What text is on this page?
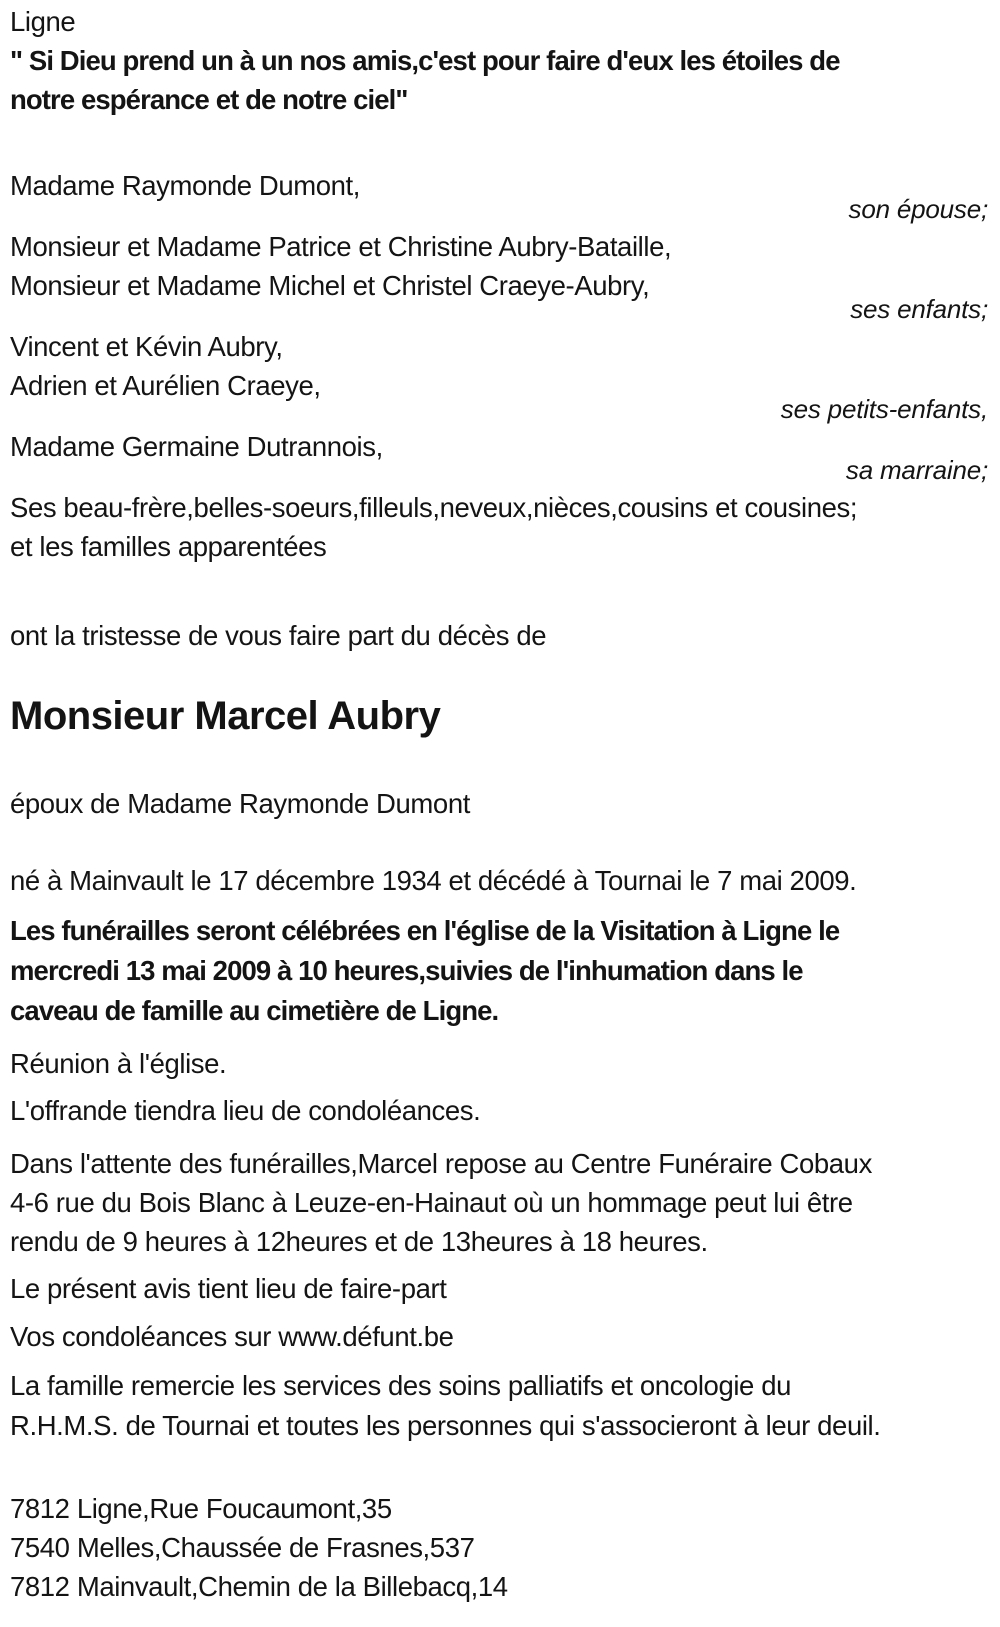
Ligne
" Si Dieu prend un à un nos amis,c'est pour faire d'eux les étoiles de
notre espérance et de notre ciel"
Madame Raymonde Dumont,
son épouse;
Monsieur et Madame Patrice et Christine Aubry-Bataille,
Monsieur et Madame Michel et Christel Craeye-Aubry,
ses enfants;
Vincent et Kévin Aubry,
Adrien et Aurélien Craeye,
ses petits-enfants,
Madame Germaine Dutrannois,
sa marraine;
Ses beau-frère,belles-soeurs,filleuls,neveux,nièces,cousins et cousines;
et les familles apparentées
ont la tristesse de vous faire part du décès de
Monsieur Marcel Aubry
époux de Madame Raymonde Dumont
né à Mainvault le 17 décembre 1934 et décédé à Tournai le 7 mai 2009.
Les funérailles seront célébrées en l'église de la Visitation à Ligne le
mercredi 13 mai 2009 à 10 heures,suivies de l'inhumation dans le
caveau de famille au cimetière de Ligne.
Réunion à l'église.
L'offrande tiendra lieu de condoléances.
Dans l'attente des funérailles,Marcel repose au Centre Funéraire Cobaux
4-6 rue du Bois Blanc à Leuze-en-Hainaut où un hommage peut lui être
rendu de 9 heures à 12heures et de 13heures à 18 heures.
Le présent avis tient lieu de faire-part
Vos condoléances sur www.défunt.be
La famille remercie les services des soins palliatifs et oncologie du
R.H.M.S. de Tournai et toutes les personnes qui s'associeront à leur deuil.
7812 Ligne,Rue Foucaumont,35
7540 Melles,Chaussée de Frasnes,537
7812 Mainvault,Chemin de la Billebacq,14
